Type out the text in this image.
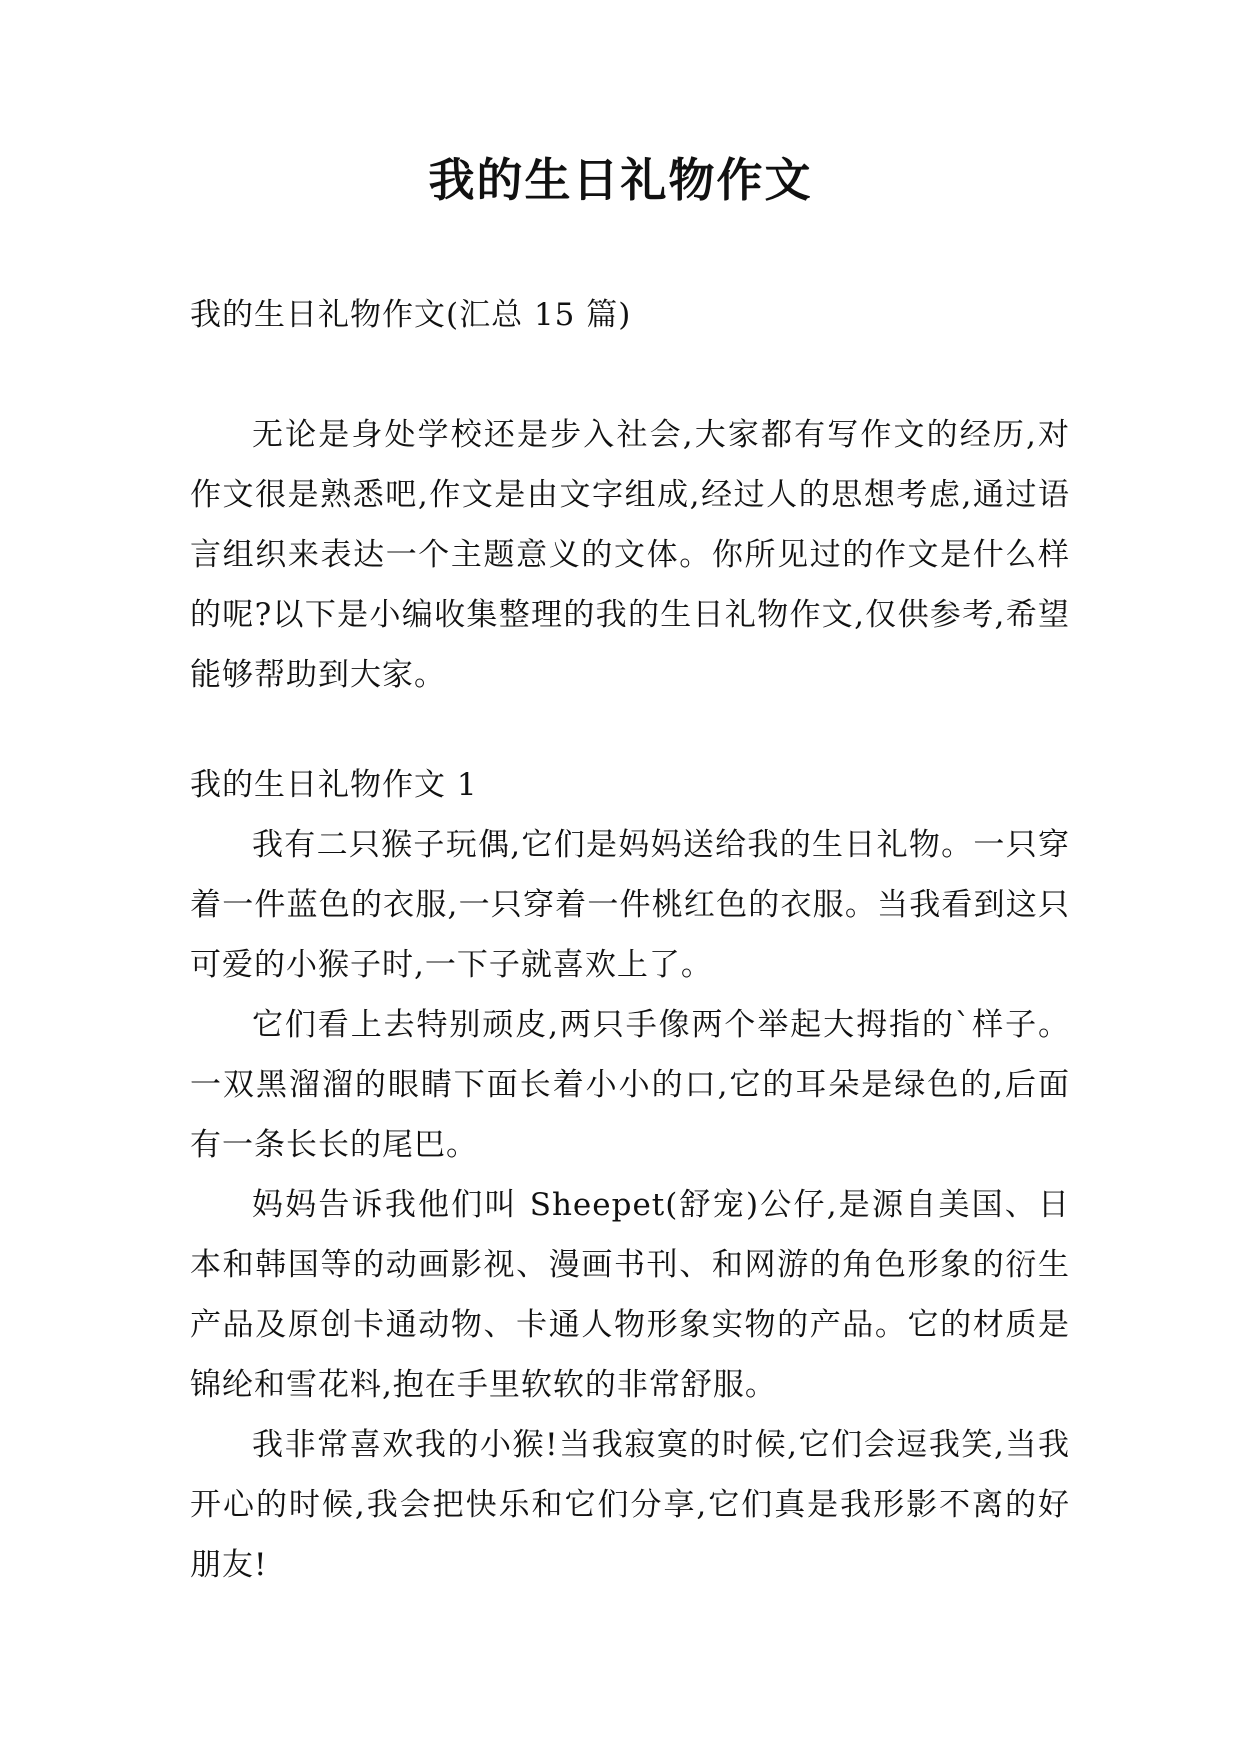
我的生日礼物作文
我的生日礼物作文(汇总 15 篇)

无论是身处学校还是步入社会,大家都有写作文的经历,对作文很是熟悉吧,作文是由文字组成,经过人的思想考虑,通过语言组织来表达一个主题意义的文体。你所见过的作文是什么样的呢?以下是小编收集整理的我的生日礼物作文,仅供参考,希望能够帮助到大家。

我的生日礼物作文 1

我有二只猴子玩偶,它们是妈妈送给我的生日礼物。一只穿着一件蓝色的衣服,一只穿着一件桃红色的衣服。当我看到这只可爱的小猴子时,一下子就喜欢上了。

它们看上去特别顽皮,两只手像两个举起大拇指的`样子。一双黑溜溜的眼睛下面长着小小的口,它的耳朵是绿色的,后面有一条长长的尾巴。

妈妈告诉我他们叫 Sheepet(舒宠)公仔,是源自美国、日本和韩国等的动画影视、漫画书刊、和网游的角色形象的衍生产品及原创卡通动物、卡通人物形象实物的产品。它的材质是锦纶和雪花料,抱在手里软软的非常舒服。

我非常喜欢我的小猴!当我寂寞的时候,它们会逗我笑,当我开心的时候,我会把快乐和它们分享,它们真是我形影不离的好朋友!
